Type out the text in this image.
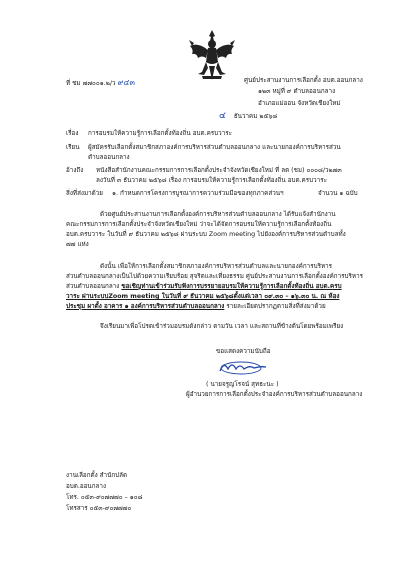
ที่ ชม ๗๗๐๐๑.๒/ว ๙๔๓	ศูนย์ประสานงานการเลือกตั้ง อบต.ออนกลาง
๑๒๓ หมู่ที่ ๙ ตำบลออนกลาง
อำเภอแม่ออน จังหวัดเชียงใหม่
๔ ธันวาคม ๒๕๖๘
เรื่อง การอบรมให้ความรู้การเลือกตั้งท้องถิ่น อบต.ครบวาระ
เรียน ผู้สมัครรับเลือกตั้งสมาชิกสภาองค์การบริหารส่วนตำบลออนกลาง และนายกองค์การบริหารส่วน
ตำบลออนกลาง
อ้างถึง หนังสือสำนักงานคณะกรรมการการเลือกตั้งประจำจังหวัดเชียงใหม่ ที่ ลต (ชม) ๐๐๐๘/ว๒๗๓
ลงวันที่ ๓ ธันวาคม ๒๕๖๘ เรื่อง การอบรมให้ความรู้การเลือกตั้งท้องถิ่น อบต.ครบวาระ
สิ่งที่ส่งมาด้วย ๑. กำหนดการโครงการบูรณาการความร่วมมือของทุกภาคส่วนฯ	จำนวน ๑ ฉบับ
ด้วยศูนย์ประสานงานการเลือกตั้งองค์การบริหารส่วนตำบลออนกลาง ได้รับแจ้งสำนักงาน
คณะกรรมการการเลือกตั้งประจำจังหวัดเชียงใหม่ ว่าจะได้จัดการอบรมให้ความรู้การเลือกตั้งท้องถิ่น
อบต.ครบวาระ ในวันที่ ๙ ธันวาคม ๒๕๖๘ ผ่านระบบ Zoom meeting ไปยังองค์การบริหารส่วนตำบลทั้ง
๗๗ แห่ง
ดังนั้น เพื่อให้การเลือกตั้งสมาชิกสภาองค์การบริหารส่วนตำบลและนายกองค์การบริหาร
ส่วนตำบลออนกลางเป็นไปด้วยความเรียบร้อย สุจริตและเที่ยงธรรม ศูนย์ประสานงานการเลือกตั้งองค์การบริหาร
ส่วนตำบลออนกลาง ขอเชิญท่านเข้าร่วมรับฟังการบรรยายอบรมให้ความรู้การเลือกตั้งท้องถิ่น อบต.ครบ
วาระ ผ่านระบบZoom meeting ในวันที่ ๙ ธันวาคม ๒๕๖๘ตั้งแต่เวลา ๐๙.๓๐ – ๑๖.๓๐ น. ณ ห้อง
ประชุม ผาตั้ง อาคาร ๑ องค์การบริหารส่วนตำบลออนกลาง รายละเอียดปรากฏตามสิ่งที่ส่งมาด้วย
จึงเรียนมาเพื่อโปรดเข้าร่วมอบรมดังกล่าว ตามวัน เวลา และสถานที่ข้างต้นโดยพร้อมเพรียง
ขอแสดงความนับถือ
( นายจรูญโรจน์ สุทธะนะ )
ผู้อำนวยการการเลือกตั้งประจำองค์การบริหารส่วนตำบลออนกลาง
งานเลือกตั้ง สำนักปลัด
อบต.ออนกลาง
โทร. ๐๕๓-๙๐๗๗๗๐ – ๑๐๘
โทรสาร ๐๕๓-๙๐๗๗๗๐
